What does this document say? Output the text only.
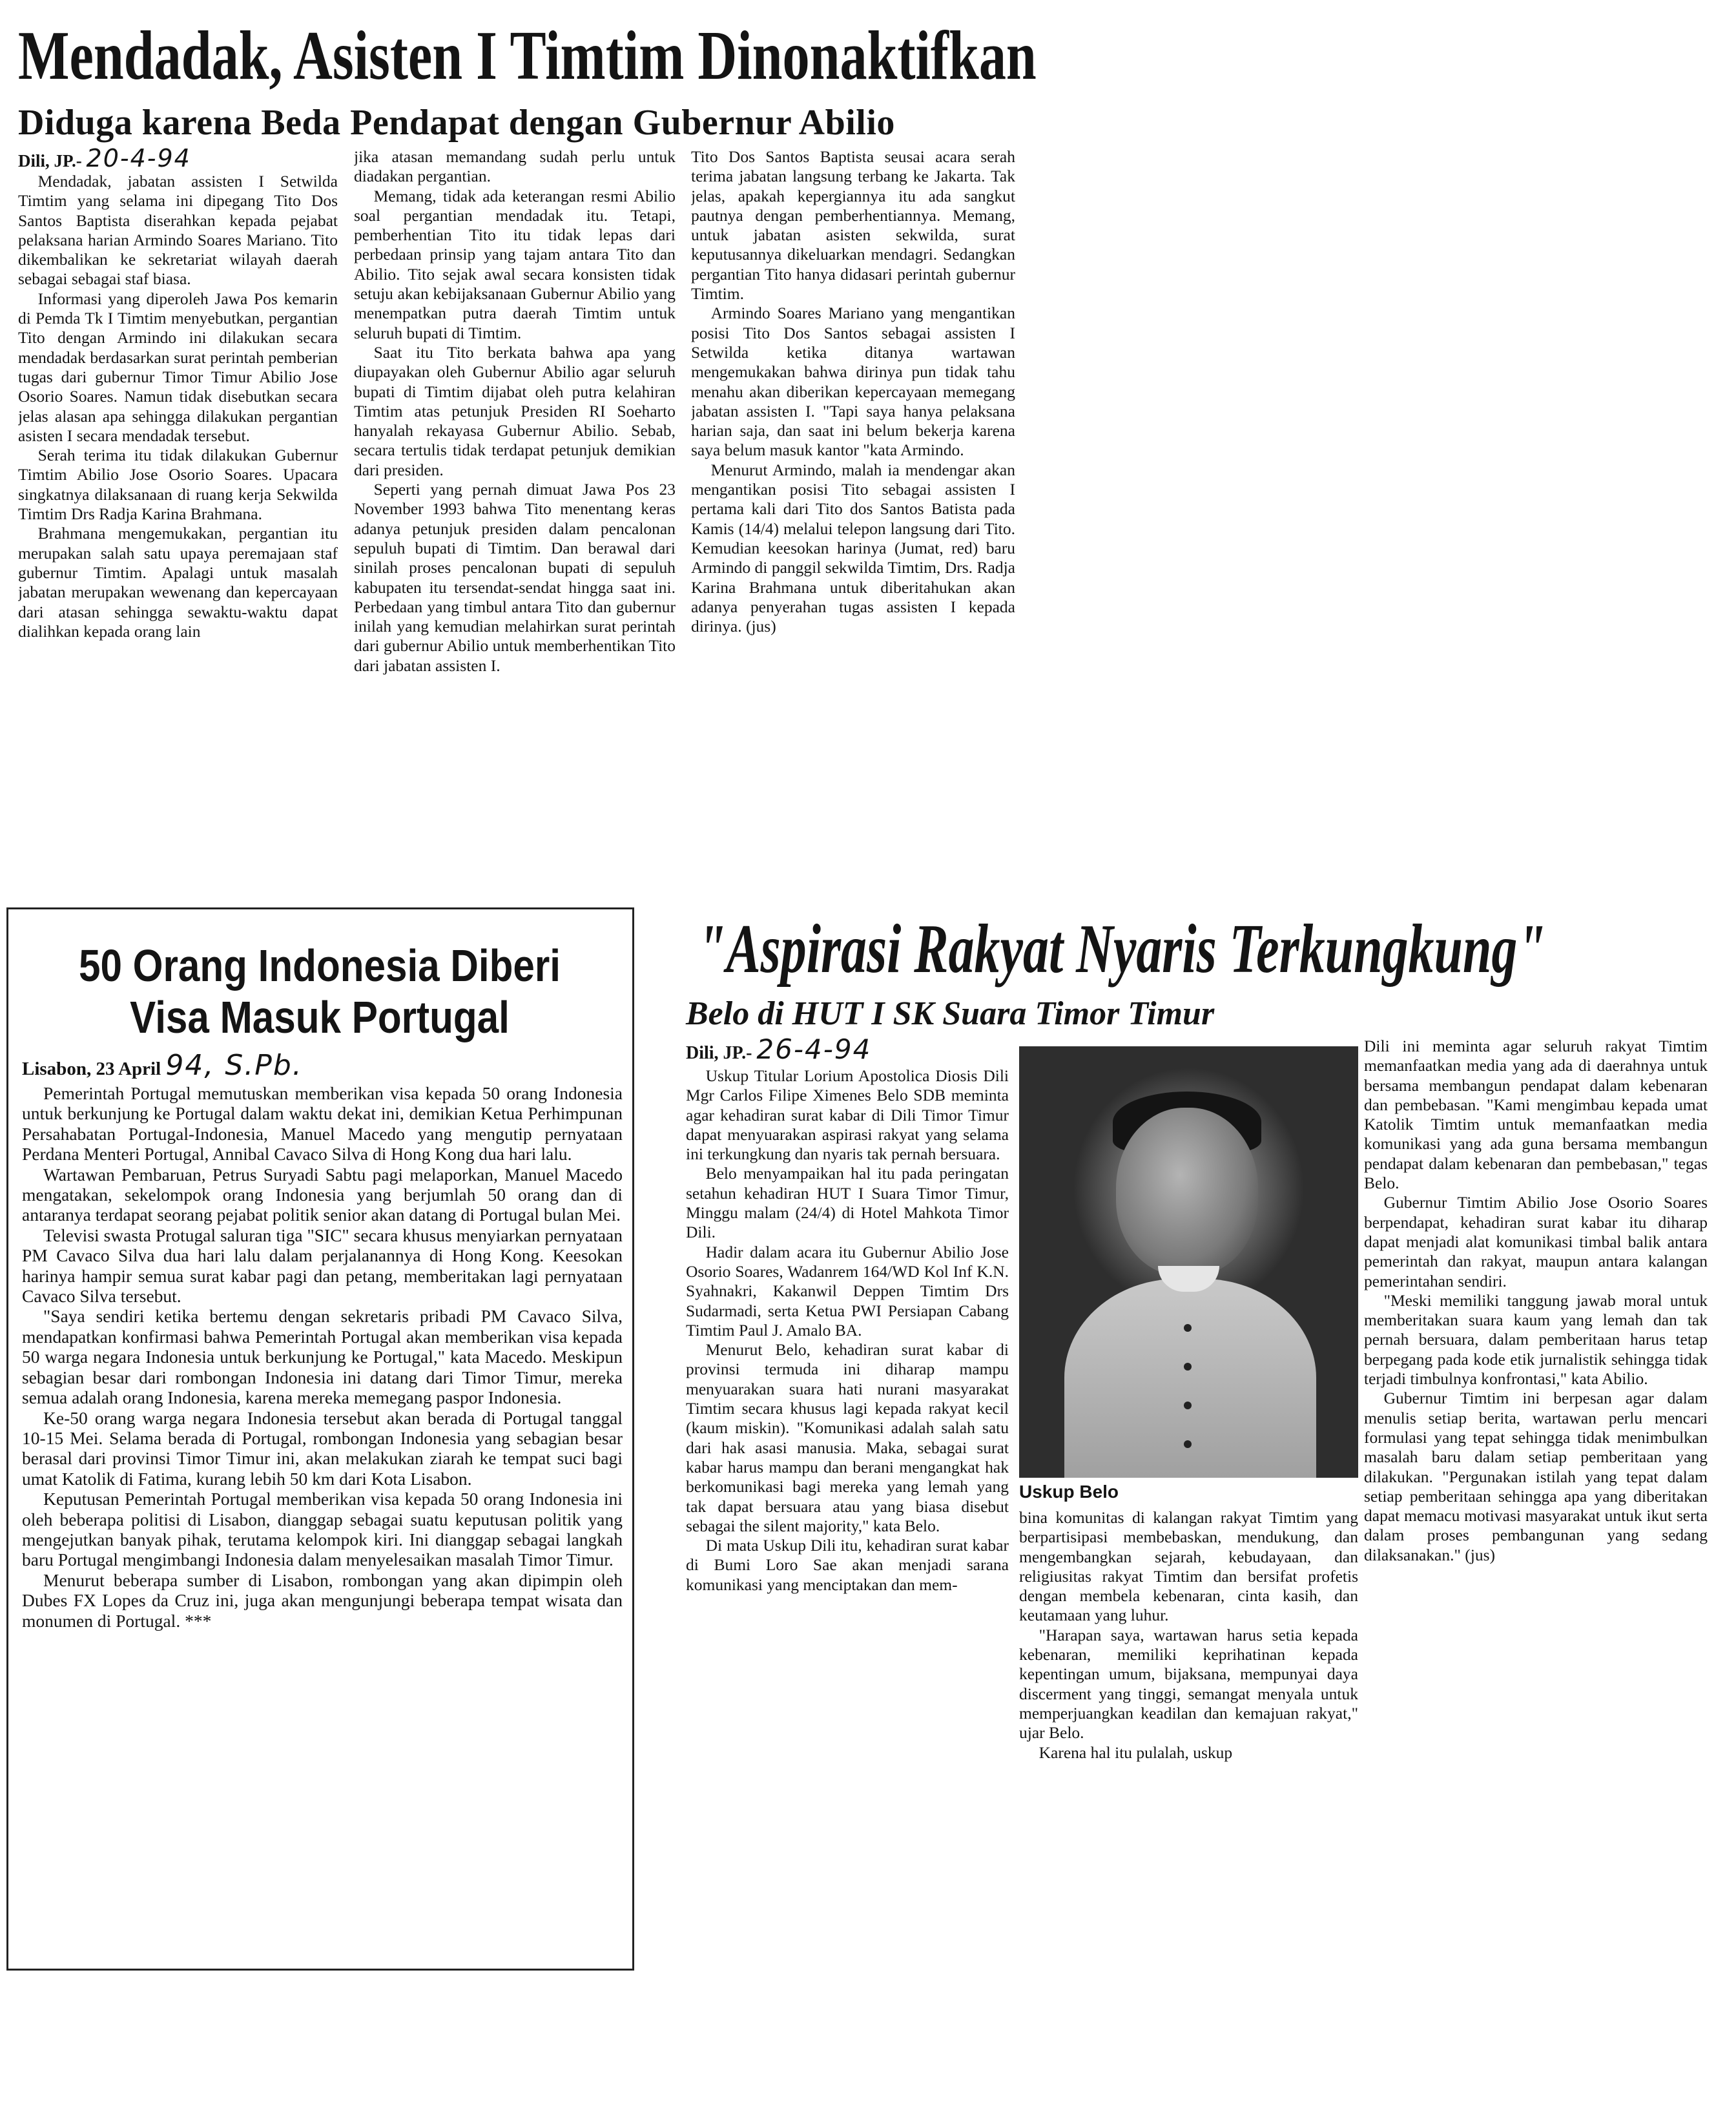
Mendadak, Asisten I Timtim Dinonaktifkan
Diduga karena Beda Pendapat dengan Gubernur Abilio
Dili, JP.- 20-4-94

Mendadak, jabatan assisten I Setwilda Timtim yang selama ini dipegang Tito Dos Santos Baptista diserahkan kepada pejabat pelaksana harian Armindo Soares Mariano. Tito dikembalikan ke sekretariat wilayah daerah sebagai sebagai staf biasa.

Informasi yang diperoleh Jawa Pos kemarin di Pemda Tk I Timtim menyebutkan, pergantian Tito dengan Armindo ini dilakukan secara mendadak berdasarkan surat perintah pemberian tugas dari gubernur Timor Timur Abilio Jose Osorio Soares. Namun tidak disebutkan secara jelas alasan apa sehingga dilakukan pergantian asisten I secara mendadak tersebut.

Serah terima itu tidak dilakukan Gubernur Timtim Abilio Jose Osorio Soares. Upacara singkatnya dilaksanaan di ruang kerja Sekwilda Timtim Drs Radja Karina Brahmana.

Brahmana mengemukakan, pergantian itu merupakan salah satu upaya peremajaan staf gubernur Timtim. Apalagi untuk masalah jabatan merupakan wewenang dan kepercayaan dari atasan sehingga sewaktu-waktu dapat dialihkan kepada orang lain

jika atasan memandang sudah perlu untuk diadakan pergantian.

Memang, tidak ada keterangan resmi Abilio soal pergantian mendadak itu. Tetapi, pemberhentian Tito itu tidak lepas dari perbedaan prinsip yang tajam antara Tito dan Abilio. Tito sejak awal secara konsisten tidak setuju akan kebijaksanaan Gubernur Abilio yang menempatkan putra daerah Timtim untuk seluruh bupati di Timtim.

Saat itu Tito berkata bahwa apa yang diupayakan oleh Gubernur Abilio agar seluruh bupati di Timtim dijabat oleh putra kelahiran Timtim atas petunjuk Presiden RI Soeharto hanyalah rekayasa Gubernur Abilio. Sebab, secara tertulis tidak terdapat petunjuk demikian dari presiden.

Seperti yang pernah dimuat Jawa Pos 23 November 1993 bahwa Tito menentang keras adanya petunjuk presiden dalam pencalonan sepuluh bupati di Timtim. Dan berawal dari sinilah proses pencalonan bupati di sepuluh kabupaten itu tersendat-sendat hingga saat ini. Perbedaan yang timbul antara Tito dan gubernur inilah yang kemudian melahirkan surat perintah dari gubernur Abilio untuk memberhentikan Tito dari jabatan assisten I.

Tito Dos Santos Baptista seusai acara serah terima jabatan langsung terbang ke Jakarta. Tak jelas, apakah kepergiannya itu ada sangkut pautnya dengan pemberhentiannya. Memang, untuk jabatan asisten sekwilda, surat keputusannya dikeluarkan mendagri. Sedangkan pergantian Tito hanya didasari perintah gubernur Timtim.

Armindo Soares Mariano yang mengantikan posisi Tito Dos Santos sebagai assisten I Setwilda ketika ditanya wartawan mengemukakan bahwa dirinya pun tidak tahu menahu akan diberikan kepercayaan memegang jabatan assisten I. "Tapi saya hanya pelaksana harian saja, dan saat ini belum bekerja karena saya belum masuk kantor "kata Armindo.

Menurut Armindo, malah ia mendengar akan mengantikan posisi Tito sebagai assisten I pertama kali dari Tito dos Santos Batista pada Kamis (14/4) melalui telepon langsung dari Tito. Kemudian keesokan harinya (Jumat, red) baru Armindo di panggil sekwilda Timtim, Drs. Radja Karina Brahmana untuk diberitahukan akan adanya penyerahan tugas assisten I kepada dirinya. (jus)

50 Orang Indonesia Diberi Visa Masuk Portugal
Lisabon, 23 April 94, S.Pb.

Pemerintah Portugal memutuskan memberikan visa kepada 50 orang Indonesia untuk berkunjung ke Portugal dalam waktu dekat ini, demikian Ketua Perhimpunan Persahabatan Portugal-Indonesia, Manuel Macedo yang mengutip pernyataan Perdana Menteri Portugal, Annibal Cavaco Silva di Hong Kong dua hari lalu.

Wartawan Pembaruan, Petrus Suryadi Sabtu pagi melaporkan, Manuel Macedo mengatakan, sekelompok orang Indonesia yang berjumlah 50 orang dan di antaranya terdapat seorang pejabat politik senior akan datang di Portugal bulan Mei.

Televisi swasta Protugal saluran tiga "SIC" secara khusus menyiarkan pernyataan PM Cavaco Silva dua hari lalu dalam perjalanannya di Hong Kong. Keesokan harinya hampir semua surat kabar pagi dan petang, memberitakan lagi pernyataan Cavaco Silva tersebut.

"Saya sendiri ketika bertemu dengan sekretaris pribadi PM Cavaco Silva, mendapatkan konfirmasi bahwa Pemerintah Portugal akan memberikan visa kepada 50 warga negara Indonesia untuk berkunjung ke Portugal," kata Macedo. Meskipun sebagian besar dari rombongan Indonesia ini datang dari Timor Timur, mereka semua adalah orang Indonesia, karena mereka memegang paspor Indonesia.

Ke-50 orang warga negara Indonesia tersebut akan berada di Portugal tanggal 10-15 Mei. Selama berada di Portugal, rombongan Indonesia yang sebagian besar berasal dari provinsi Timor Timur ini, akan melakukan ziarah ke tempat suci bagi umat Katolik di Fatima, kurang lebih 50 km dari Kota Lisabon.

Keputusan Pemerintah Portugal memberikan visa kepada 50 orang Indonesia ini oleh beberapa politisi di Lisabon, dianggap sebagai suatu keputusan politik yang mengejutkan banyak pihak, terutama kelompok kiri. Ini dianggap sebagai langkah baru Portugal mengimbangi Indonesia dalam menyelesaikan masalah Timor Timur.

Menurut beberapa sumber di Lisabon, rombongan yang akan dipimpin oleh Dubes FX Lopes da Cruz ini, juga akan mengunjungi beberapa tempat wisata dan monumen di Portugal. ***

"Aspirasi Rakyat Nyaris Terkungkung"
Belo di HUT I SK Suara Timor Timur
Dili, JP.- 26-4-94

Uskup Titular Lorium Apostolica Diosis Dili Mgr Carlos Filipe Ximenes Belo SDB meminta agar kehadiran surat kabar di Dili Timor Timur dapat menyuarakan aspirasi rakyat yang selama ini terkungkung dan nyaris tak pernah bersuara.

Belo menyampaikan hal itu pada peringatan setahun kehadiran HUT I Suara Timor Timur, Minggu malam (24/4) di Hotel Mahkota Timor Dili.

Hadir dalam acara itu Gubernur Abilio Jose Osorio Soares, Wadanrem 164/WD Kol Inf K.N. Syahnakri, Kakanwil Deppen Timtim Drs Sudarmadi, serta Ketua PWI Persiapan Cabang Timtim Paul J. Amalo BA.

Menurut Belo, kehadiran surat kabar di provinsi termuda ini diharap mampu menyuarakan suara hati nurani masyarakat Timtim secara khusus lagi kepada rakyat kecil (kaum miskin). "Komunikasi adalah salah satu dari hak asasi manusia. Maka, sebagai surat kabar harus mampu dan berani mengangkat hak berkomunikasi bagi mereka yang lemah yang tak dapat bersuara atau yang biasa disebut sebagai the silent majority," kata Belo.

Di mata Uskup Dili itu, kehadiran surat kabar di Bumi Loro Sae akan menjadi sarana komunikasi yang menciptakan dan mem-

Uskup Belo

bina komunitas di kalangan rakyat Timtim yang berpartisipasi membebaskan, mendukung, dan mengembangkan sejarah, kebudayaan, dan religiusitas rakyat Timtim dan bersifat profetis dengan membela kebenaran, cinta kasih, dan keutamaan yang luhur.

"Harapan saya, wartawan harus setia kepada kebenaran, memiliki keprihatinan kepada kepentingan umum, bijaksana, mempunyai daya discerment yang tinggi, semangat menyala untuk memperjuangkan keadilan dan kemajuan rakyat," ujar Belo.

Karena hal itu pulalah, uskup

Dili ini meminta agar seluruh rakyat Timtim memanfaatkan media yang ada di daerahnya untuk bersama membangun pendapat dalam kebenaran dan pembebasan. "Kami mengimbau kepada umat Katolik Timtim untuk memanfaatkan media komunikasi yang ada guna bersama membangun pendapat dalam kebenaran dan pembebasan," tegas Belo.

Gubernur Timtim Abilio Jose Osorio Soares berpendapat, kehadiran surat kabar itu diharap dapat menjadi alat komunikasi timbal balik antara pemerintah dan rakyat, maupun antara kalangan pemerintahan sendiri.

"Meski memiliki tanggung jawab moral untuk memberitakan suara kaum yang lemah dan tak pernah bersuara, dalam pemberitaan harus tetap berpegang pada kode etik jurnalistik sehingga tidak terjadi timbulnya konfrontasi," kata Abilio.

Gubernur Timtim ini berpesan agar dalam menulis setiap berita, wartawan perlu mencari formulasi yang tepat sehingga tidak menimbulkan masalah baru dalam setiap pemberitaan yang dilakukan. "Pergunakan istilah yang tepat dalam setiap pemberitaan sehingga apa yang diberitakan dapat memacu motivasi masyarakat untuk ikut serta dalam proses pembangunan yang sedang dilaksanakan." (jus)
